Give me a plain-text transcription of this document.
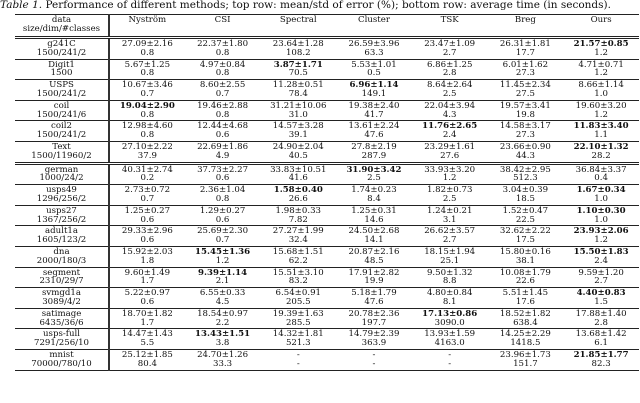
Table 1. Performance of different methods; top row: mean/std of error (%); bottom row: average time (in seconds).
data
size/dim/#classes	Nyström	CSI	Spectral	Cluster	TSK	Breg	Ours
g241C	27.09±2.16	22.37±1.80	23.64±1.28	26.59±3.96	23.47±1.09	26.31±1.81	21.57±0.85
1500/241/2	0.8	0.8	108.2	63.3	2.7	17.7	1.2
Digit1	5.67±1.25	4.97±0.84	3.87±1.71	5.53±1.01	6.86±1.25	6.01±1.62	4.71±0.71
1500	0.8	0.8	70.5	0.5	2.8	27.3	1.2
USPS	10.67±3.46	8.60±2.55	11.28±0.51	6.96±1.14	8.64±2.64	11.45±2.34	8.66±1.14
1500/241/2	0.7	0.7	78.4	149.1	2.5	27.5	1.0
coil	19.04±2.90	19.46±2.88	31.21±10.06	19.38±2.40	22.04±3.94	19.57±3.41	19.60±3.20
1500/241/6	0.8	0.8	31.0	41.7	4.3	19.8	1.2
coil2	12.98±4.60	12.44±4.68	14.57±3.28	13.61±2.24	11.76±2.65	14.58±3.17	11.83±3.40
1500/241/2	0.8	0.6	39.1	47.6	2.4	27.3	1.1
Text	27.10±2.22	22.69±1.86	24.90±2.04	27.8±2.19	23.29±1.61	23.66±0.90	22.10±1.32
1500/11960/2	37.9	4.9	40.5	287.9	27.6	44.3	28.2
german	40.31±2.74	37.73±2.27	33.83±10.51	31.90±3.42	33.93±3.20	38.42±2.95	36.84±3.37
1000/24/2	0.2	0.6	41.6	2.5	1.2	512.3	0.4
usps49	2.73±0.72	2.36±1.04	1.58±0.40	1.74±0.23	1.82±0.73	3.04±0.39	1.67±0.34
1296/256/2	0.7	0.8	26.6	8.4	2.5	18.5	1.0
usps27	1.25±0.27	1.29±0.27	1.98±0.33	1.25±0.31	1.24±0.21	1.52±0.47	1.10±0.30
1367/256/2	0.6	0.6	7.82	14.6	3.1	22.5	1.0
adult1a	29.33±2.96	25.69±2.30	27.27±1.99	24.50±2.68	26.62±3.57	32.62±2.22	23.93±2.06
1605/123/2	0.6	0.7	32.4	14.1	2.7	17.5	1.2
dna	15.92±2.03	15.45±1.36	15.68±1.51	20.87±2.16	18.15±1.94	15.80±0.16	15.50±1.83
2000/180/3	1.8	1.2	62.2	48.5	25.1	38.1	2.4
segment	9.60±1.49	9.39±1.14	15.51±3.10	17.91±2.82	9.50±1.32	10.08±1.79	9.59±1.20
2310/29/7	1.7	2.1	83.2	19.9	8.8	22.6	2.7
svmgd1a	5.22±0.97	6.55±0.33	6.54±0.91	5.18±1.79	4.80±0.84	5.51±1.45	4.40±0.83
3089/4/2	0.6	4.5	205.5	47.6	8.1	17.6	1.5
satimage	18.70±1.82	18.54±0.97	19.39±1.63	20.78±2.36	17.13±0.86	18.52±1.82	17.88±1.40
6435/36/6	1.7	2.2	285.5	197.7	3090.0	638.4	2.8
usps-full	14.47±1.43	13.43±1.51	14.32±1.81	14.79±2.39	13.93±1.59	14.25±2.29	13.68±1.42
7291/256/10	5.5	3.8	521.3	363.9	4163.0	1418.5	6.1
mnist	25.12±1.85	24.70±1.26	-	-	-	23.96±1.73	21.85±1.77
70000/780/10	80.4	33.3	-	-	-	151.7	82.3
